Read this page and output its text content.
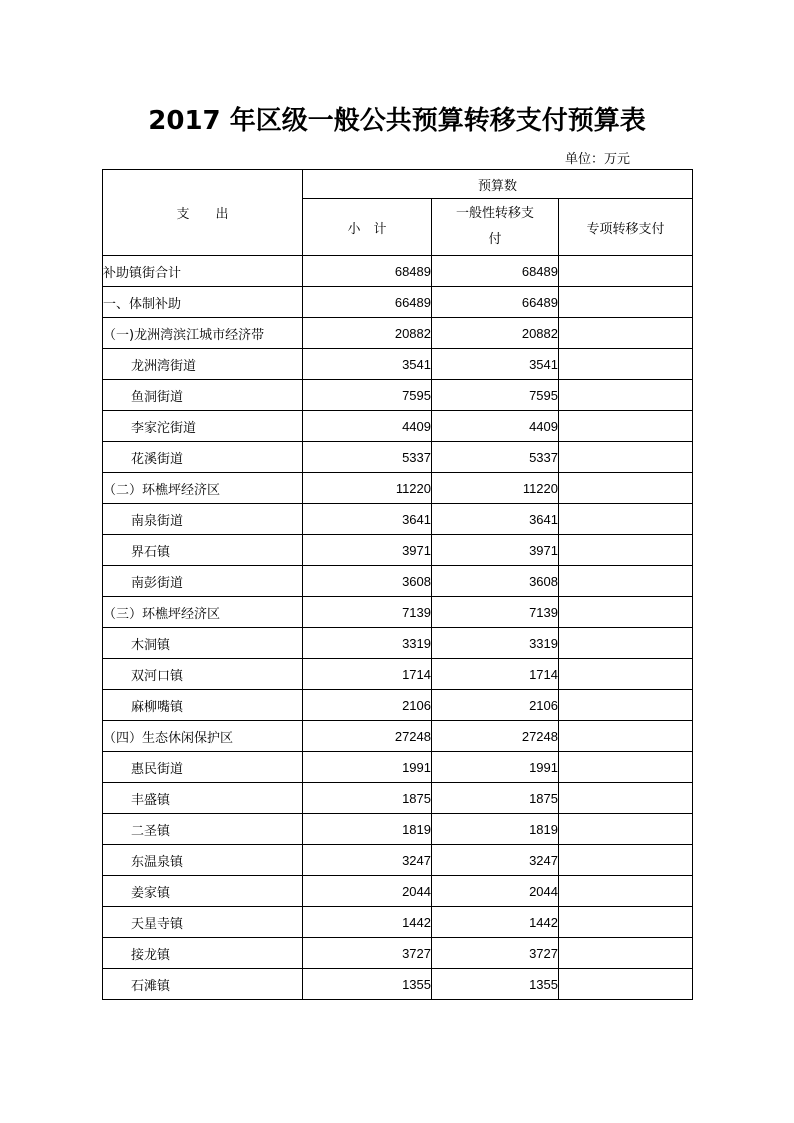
2017 年区级一般公共预算转移支付预算表
单位：万元
支　　出	预算数		
	小　计	一般性转移支付	专项转移支付
补助镇街合计	68489	68489	
一、体制补助	66489	66489	
（一)龙洲湾滨江城市经济带	20882	20882	
龙洲湾街道	3541	3541	
鱼洞街道	7595	7595	
李家沱街道	4409	4409	
花溪街道	5337	5337	
（二）环樵坪经济区	11220	11220	
南泉街道	3641	3641	
界石镇	3971	3971	
南彭街道	3608	3608	
（三）环樵坪经济区	7139	7139	
木洞镇	3319	3319	
双河口镇	1714	1714	
麻柳嘴镇	2106	2106	
（四）生态休闲保护区	27248	27248	
惠民街道	1991	1991	
丰盛镇	1875	1875	
二圣镇	1819	1819	
东温泉镇	3247	3247	
姜家镇	2044	2044	
天星寺镇	1442	1442	
接龙镇	3727	3727	
石滩镇	1355	1355	
